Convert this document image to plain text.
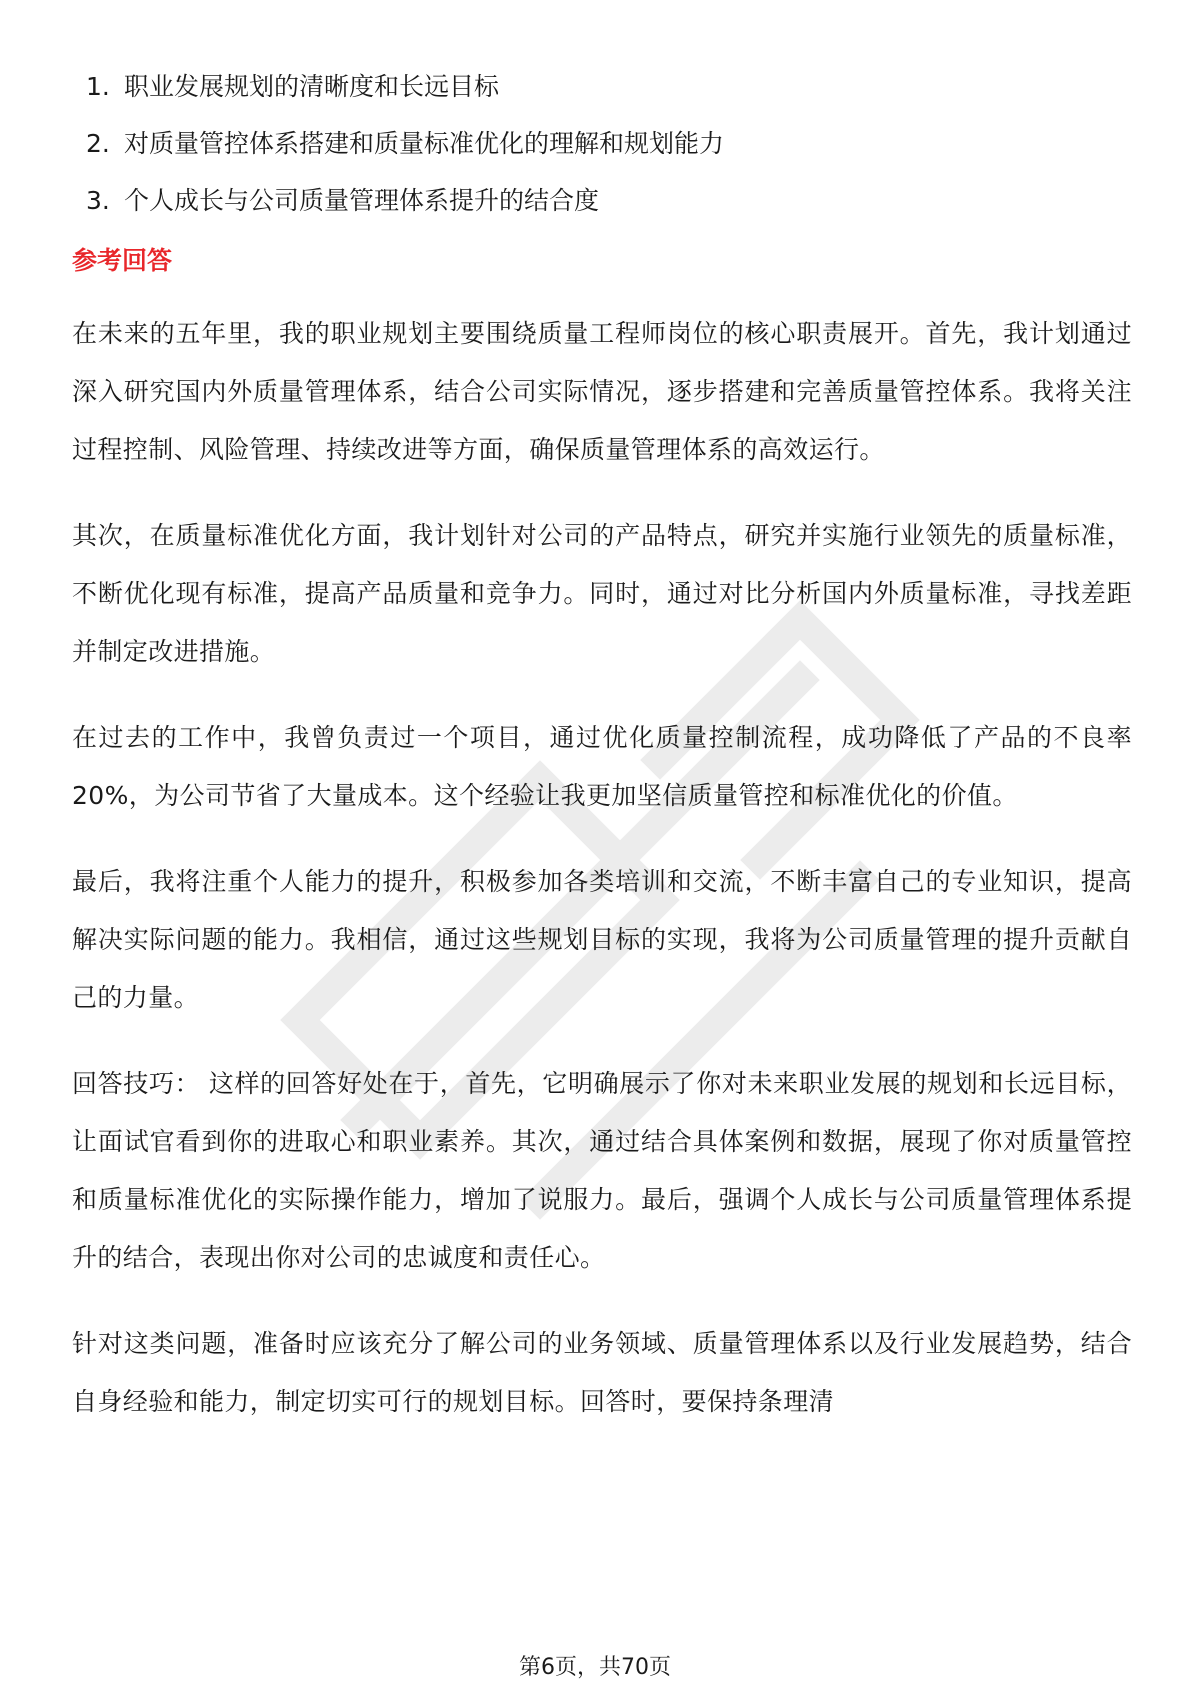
1. 职业发展规划的清晰度和长远目标
2. 对质量管控体系搭建和质量标准优化的理解和规划能力
3. 个人成长与公司质量管理体系提升的结合度
参考回答

在未来的五年里，我的职业规划主要围绕质量工程师岗位的核心职责展开。首先，我计划通过深入研究国内外质量管理体系，结合公司实际情况，逐步搭建和完善质量管控体系。我将关注过程控制、风险管理、持续改进等方面，确保质量管理体系的高效运行。

其次，在质量标准优化方面，我计划针对公司的产品特点，研究并实施行业领先的质量标准，不断优化现有标准，提高产品质量和竞争力。同时，通过对比分析国内外质量标准，寻找差距并制定改进措施。

在过去的工作中，我曾负责过一个项目，通过优化质量控制流程，成功降低了产品的不良率20%，为公司节省了大量成本。这个经验让我更加坚信质量管控和标准优化的价值。

最后，我将注重个人能力的提升，积极参加各类培训和交流，不断丰富自己的专业知识，提高解决实际问题的能力。我相信，通过这些规划目标的实现，我将为公司质量管理的提升贡献自己的力量。

回答技巧： 这样的回答好处在于，首先，它明确展示了你对未来职业发展的规划和长远目标，让面试官看到你的进取心和职业素养。其次，通过结合具体案例和数据，展现了你对质量管控和质量标准优化的实际操作能力，增加了说服力。最后，强调个人成长与公司质量管理体系提升的结合，表现出你对公司的忠诚度和责任心。

针对这类问题，准备时应该充分了解公司的业务领域、质量管理体系以及行业发展趋势，结合自身经验和能力，制定切实可行的规划目标。回答时，要保持条理清

第6页，共70页
